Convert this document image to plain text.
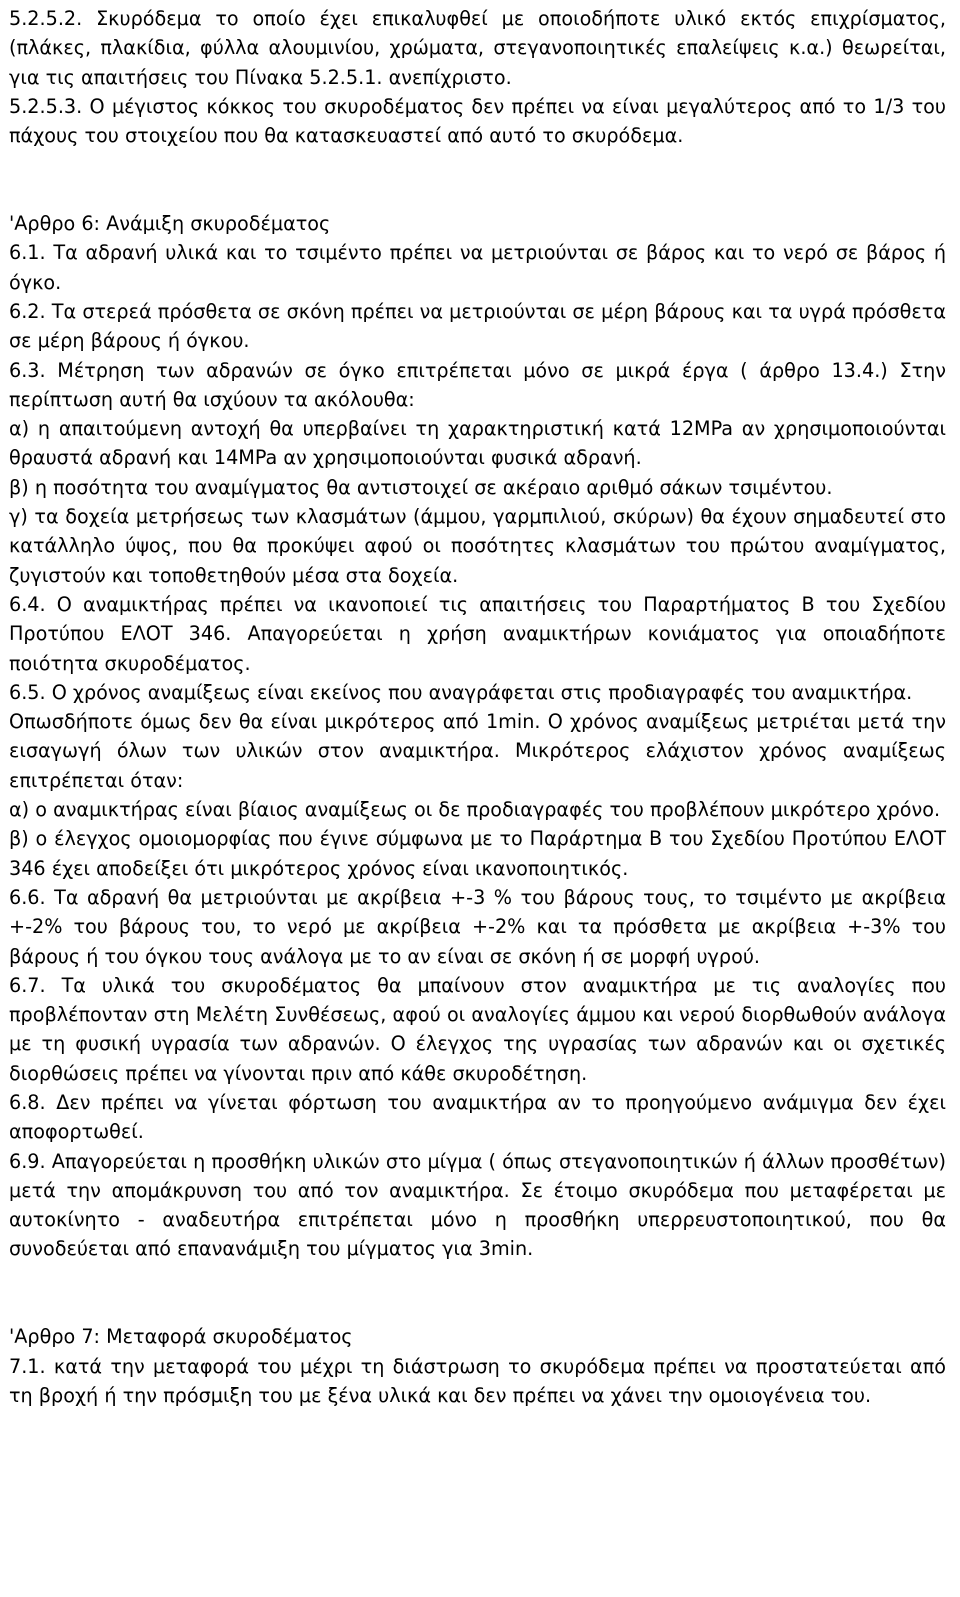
5.2.5.2. Σκυρόδεμα το οποίο έχει επικαλυφθεί με οποιοδήποτε υλικό εκτός επιχρίσματος, (πλάκες, πλακίδια, φύλλα αλουμινίου, χρώματα, στεγανοποιητικές επαλείψεις κ.α.) θεωρείται, για τις απαιτήσεις του Πίνακα 5.2.5.1. ανεπίχριστο.

5.2.5.3. Ο μέγιστος κόκκος του σκυροδέματος δεν πρέπει να είναι μεγαλύτερος από το 1/3 του πάχους του στοιχείου που θα κατασκευαστεί από αυτό το σκυρόδεμα.

'Αρθρο 6: Ανάμιξη σκυροδέματος

6.1. Τα αδρανή υλικά και το τσιμέντο πρέπει να μετριούνται σε βάρος και το νερό σε βάρος ή όγκο.

6.2. Τα στερεά πρόσθετα σε σκόνη πρέπει να μετριούνται σε μέρη βάρους και τα υγρά πρόσθετα σε μέρη βάρους ή όγκου.

6.3. Μέτρηση των αδρανών σε όγκο επιτρέπεται μόνο σε μικρά έργα ( άρθρο 13.4.) Στην περίπτωση αυτή θα ισχύουν τα ακόλουθα:

α) η απαιτούμενη αντοχή θα υπερβαίνει τη χαρακτηριστική κατά 12MPa αν χρησιμοποιούνται θραυστά αδρανή και 14MPa αν χρησιμοποιούνται φυσικά αδρανή.

β) η ποσότητα του αναμίγματος θα αντιστοιχεί σε ακέραιο αριθμό σάκων τσιμέντου.

γ) τα δοχεία μετρήσεως των κλασμάτων (άμμου, γαρμπιλιού, σκύρων) θα έχουν σημαδευτεί στο κατάλληλο ύψος, που θα προκύψει αφού οι ποσότητες κλασμάτων του πρώτου αναμίγματος, ζυγιστούν και τοποθετηθούν μέσα στα δοχεία.

6.4. Ο αναμικτήρας πρέπει να ικανοποιεί τις απαιτήσεις του Παραρτήματος Β του Σχεδίου Προτύπου ΕΛΟΤ 346. Απαγορεύεται η χρήση αναμικτήρων κονιάματος για οποιαδήποτε ποιότητα σκυροδέματος.

6.5. Ο χρόνος αναμίξεως είναι εκείνος που αναγράφεται στις προδιαγραφές του αναμικτήρα.

Οπωσδήποτε όμως δεν θα είναι μικρότερος από 1min. Ο χρόνος αναμίξεως μετριέται μετά την εισαγωγή όλων των υλικών στον αναμικτήρα. Μικρότερος ελάχιστον χρόνος αναμίξεως επιτρέπεται όταν:

α) ο αναμικτήρας είναι βίαιος αναμίξεως οι δε προδιαγραφές του προβλέπουν μικρότερο χρόνο.

β) ο έλεγχος ομοιομορφίας που έγινε σύμφωνα με το Παράρτημα Β του Σχεδίου Προτύπου ΕΛΟΤ 346 έχει αποδείξει ότι μικρότερος χρόνος είναι ικανοποιητικός.

6.6. Τα αδρανή θα μετριούνται με ακρίβεια +-3 % του βάρους τους, το τσιμέντο με ακρίβεια +-2% του βάρους του, το νερό με ακρίβεια +-2% και τα πρόσθετα με ακρίβεια +-3% του βάρους ή του όγκου τους ανάλογα με το αν είναι σε σκόνη ή σε μορφή υγρού.

6.7. Τα υλικά του σκυροδέματος θα μπαίνουν στον αναμικτήρα με τις αναλογίες που προβλέπονταν στη Μελέτη Συνθέσεως, αφού οι αναλογίες άμμου και νερού διορθωθούν ανάλογα με τη φυσική υγρασία των αδρανών. Ο έλεγχος της υγρασίας των αδρανών και οι σχετικές διορθώσεις πρέπει να γίνονται πριν από κάθε σκυροδέτηση.

6.8. Δεν πρέπει να γίνεται φόρτωση του αναμικτήρα αν το προηγούμενο ανάμιγμα δεν έχει αποφορτωθεί.

6.9. Απαγορεύεται η προσθήκη υλικών στο μίγμα ( όπως στεγανοποιητικών ή άλλων προσθέτων) μετά την απομάκρυνση του από τον αναμικτήρα. Σε έτοιμο σκυρόδεμα που μεταφέρεται με αυτοκίνητο - αναδευτήρα επιτρέπεται μόνο η προσθήκη υπερρευστοποιητικού, που θα συνοδεύεται από επανανάμιξη του μίγματος για 3min.

'Αρθρο 7: Μεταφορά σκυροδέματος

7.1. κατά την μεταφορά του μέχρι τη διάστρωση το σκυρόδεμα πρέπει να προστατεύεται από τη βροχή ή την πρόσμιξη του με ξένα υλικά και δεν πρέπει να χάνει την ομοιογένεια του.
